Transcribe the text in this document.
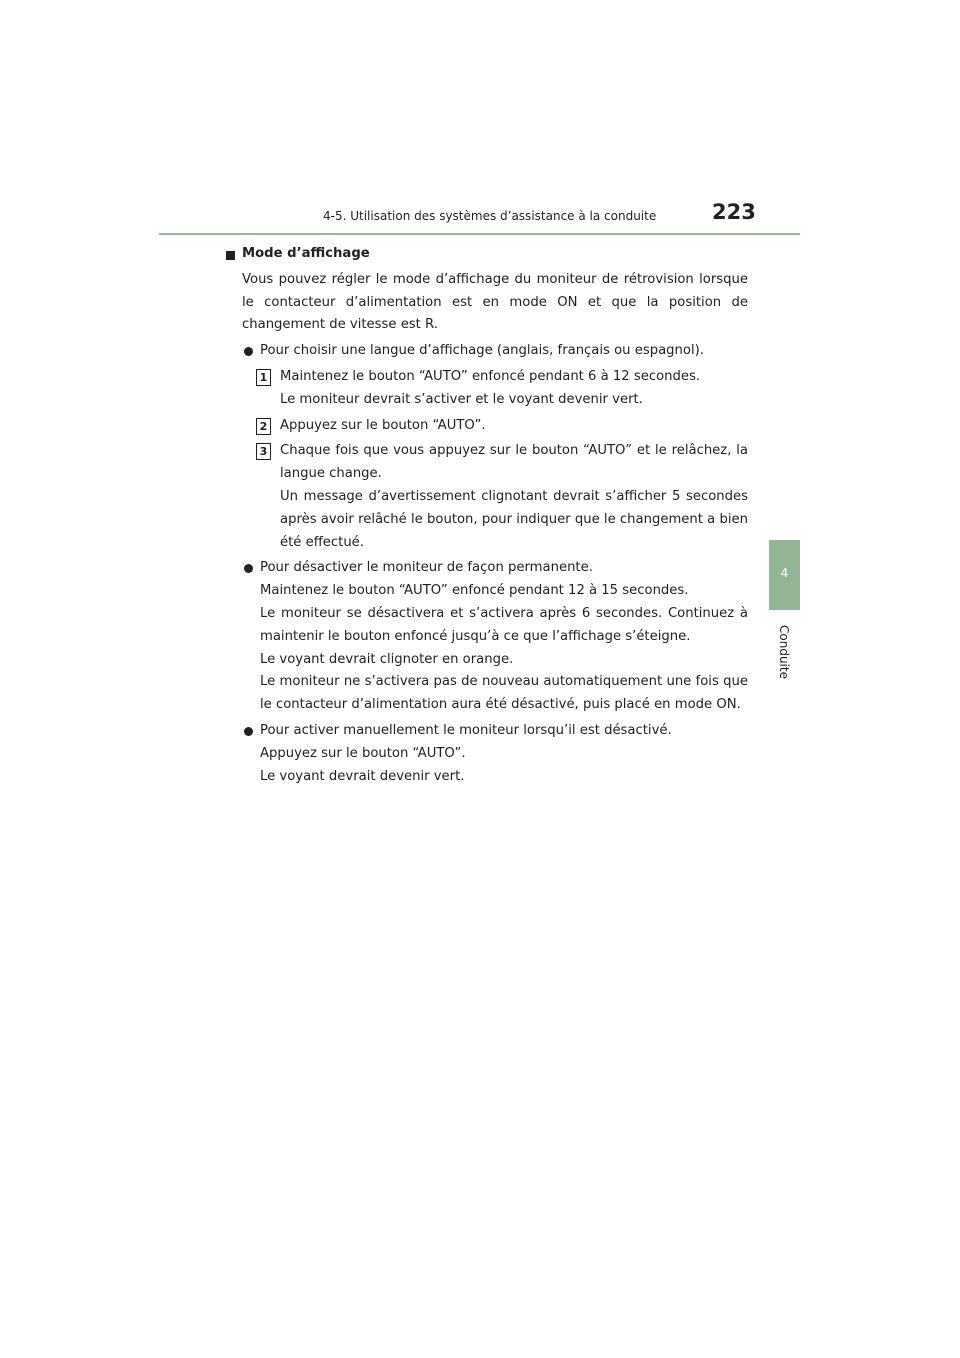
4-5. Utilisation des systèmes d’assistance à la conduite	223
4
Conduite
Mode d’affichage
Vous pouvez régler le mode d’affichage du moniteur de rétrovision lorsque le contacteur d’alimentation est en mode ON et que la position de changement de vitesse est R.
Pour choisir une langue d’affichage (anglais, français ou espagnol).
1 Maintenez le bouton “AUTO” enfoncé pendant 6 à 12 secondes.
Le moniteur devrait s’activer et le voyant devenir vert.
2 Appuyez sur le bouton “AUTO”.
3 Chaque fois que vous appuyez sur le bouton “AUTO” et le relâchez, la langue change.
Un message d’avertissement clignotant devrait s’afficher 5 secondes après avoir relâché le bouton, pour indiquer que le changement a bien été effectué.
Pour désactiver le moniteur de façon permanente.
Maintenez le bouton “AUTO” enfoncé pendant 12 à 15 secondes.
Le moniteur se désactivera et s’activera après 6 secondes. Continuez à maintenir le bouton enfoncé jusqu’à ce que l’affichage s’éteigne.
Le voyant devrait clignoter en orange.
Le moniteur ne s’activera pas de nouveau automatiquement une fois que le contacteur d’alimentation aura été désactivé, puis placé en mode ON.
Pour activer manuellement le moniteur lorsqu’il est désactivé.
Appuyez sur le bouton “AUTO”.
Le voyant devrait devenir vert.
